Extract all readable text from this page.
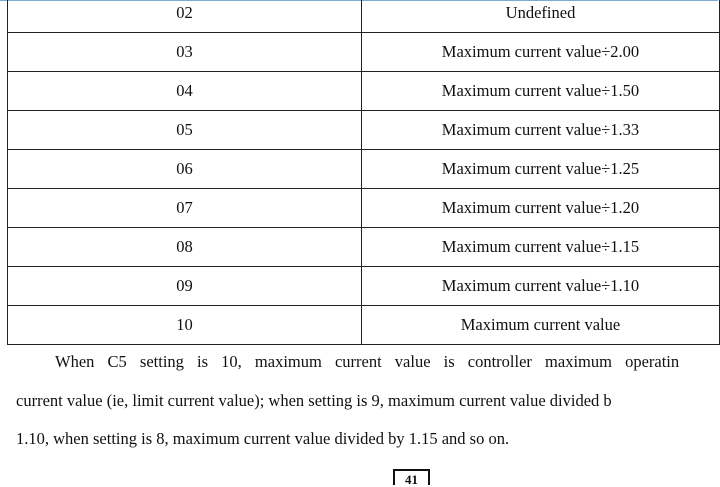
02	Undefined
03	Maximum current value÷2.00
04	Maximum current value÷1.50
05	Maximum current value÷1.33
06	Maximum current value÷1.25
07	Maximum current value÷1.20
08	Maximum current value÷1.15
09	Maximum current value÷1.10
10	Maximum current value
When C5 setting is 10, maximum current value is controller maximum operatin
current value (ie, limit current value); when setting is 9, maximum current value divided b
1.10, when setting is 8, maximum current value divided by 1.15 and so on.
41
